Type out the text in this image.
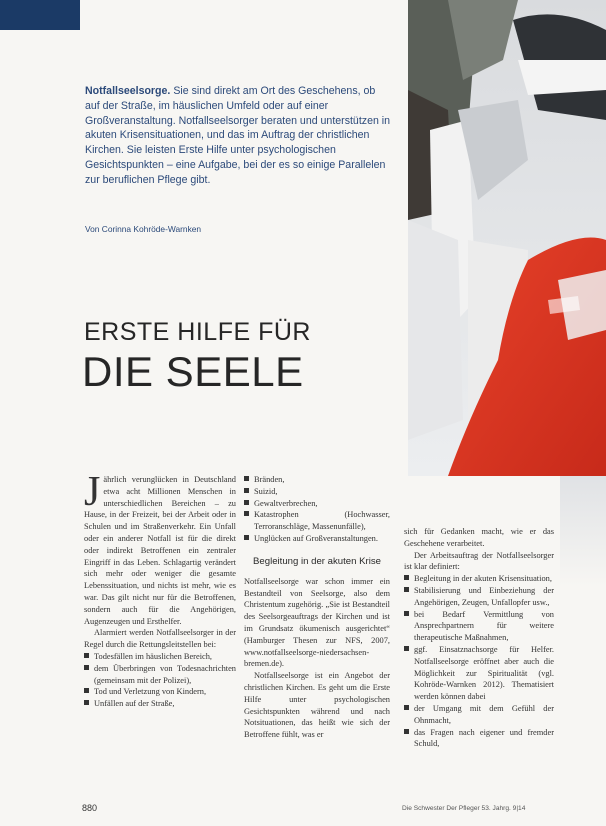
Notfallseelsorge. Sie sind direkt am Ort des Geschehens, ob auf der Straße, im häuslichen Umfeld oder auf einer Großveranstaltung. Notfallseelsorger beraten und unterstützen in akuten Krisensituationen, und das im Auftrag der christlichen Kirchen. Sie leisten Erste Hilfe unter psychologischen Gesichtspunkten – eine Aufgabe, bei der es so einige Parallelen zur beruflichen Pflege gibt.
Von Corinna Kohröde-Warnken
ERSTE HILFE FÜR
DIE SEELE

Jährlich verunglücken in Deutschland etwa acht Millionen Menschen in unterschiedlichen Bereichen – zu Hause, in der Freizeit, bei der Arbeit oder in Schulen und im Straßenverkehr. Ein Unfall oder ein anderer Notfall ist für die direkt oder indirekt Betroffenen ein zentraler Eingriff in das Leben. Schlagartig verändert sich mehr oder weniger die gesamte Lebenssituation, und nichts ist mehr, wie es war. Das gilt nicht nur für die Betroffenen, sondern auch für die Angehörigen, Augenzeugen und Ersthelfer.

Alarmiert werden Notfallseelsorger in der Regel durch die Rettungsleitstellen bei:

Todesfällen im häuslichen Bereich,

dem Überbringen von Todesnachrichten (gemeinsam mit der Polizei),

Tod und Verletzung von Kindern,

Unfällen auf der Straße,

Bränden,

Suizid,

Gewaltverbrechen,

Katastrophen (Hochwasser, Terroranschläge, Massenunfälle),

Unglücken auf Großveranstaltungen.

Begleitung in der akuten Krise

Notfallseelsorge war schon immer ein Bestandteil von Seelsorge, also dem Christentum zugehörig. „Sie ist Bestandteil des Seelsorgeauftrags der Kirchen und ist im Grundsatz ökumenisch ausgerichtet“ (Hamburger Thesen zur NFS, 2007, www.notfallseelsorge-niedersachsen-bremen.de).

Notfallseelsorge ist ein Angebot der christlichen Kirchen. Es geht um die Erste Hilfe unter psychologischen Gesichtspunkten während und nach Notsituationen, das heißt wie sich der Betroffene fühlt, was er

sich für Gedanken macht, wie er das Geschehene verarbeitet.

Der Arbeitsauftrag der Notfallseelsorger ist klar definiert:

Begleitung in der akuten Krisensituation,

Stabilisierung und Einbeziehung der Angehörigen, Zeugen, Unfallopfer usw.,

bei Bedarf Vermittlung von Ansprechpartnern für weitere therapeutische Maßnahmen,

ggf. Einsatznachsorge für Helfer. Notfallseelsorge eröffnet aber auch die Möglichkeit zur Spiritualität (vgl. Kohröde-Warnken 2012). Thematisiert werden können dabei

der Umgang mit dem Gefühl der Ohnmacht,

das Fragen nach eigener und fremder Schuld,

880	Die Schwester Der Pfleger 53. Jahrg. 9|14
